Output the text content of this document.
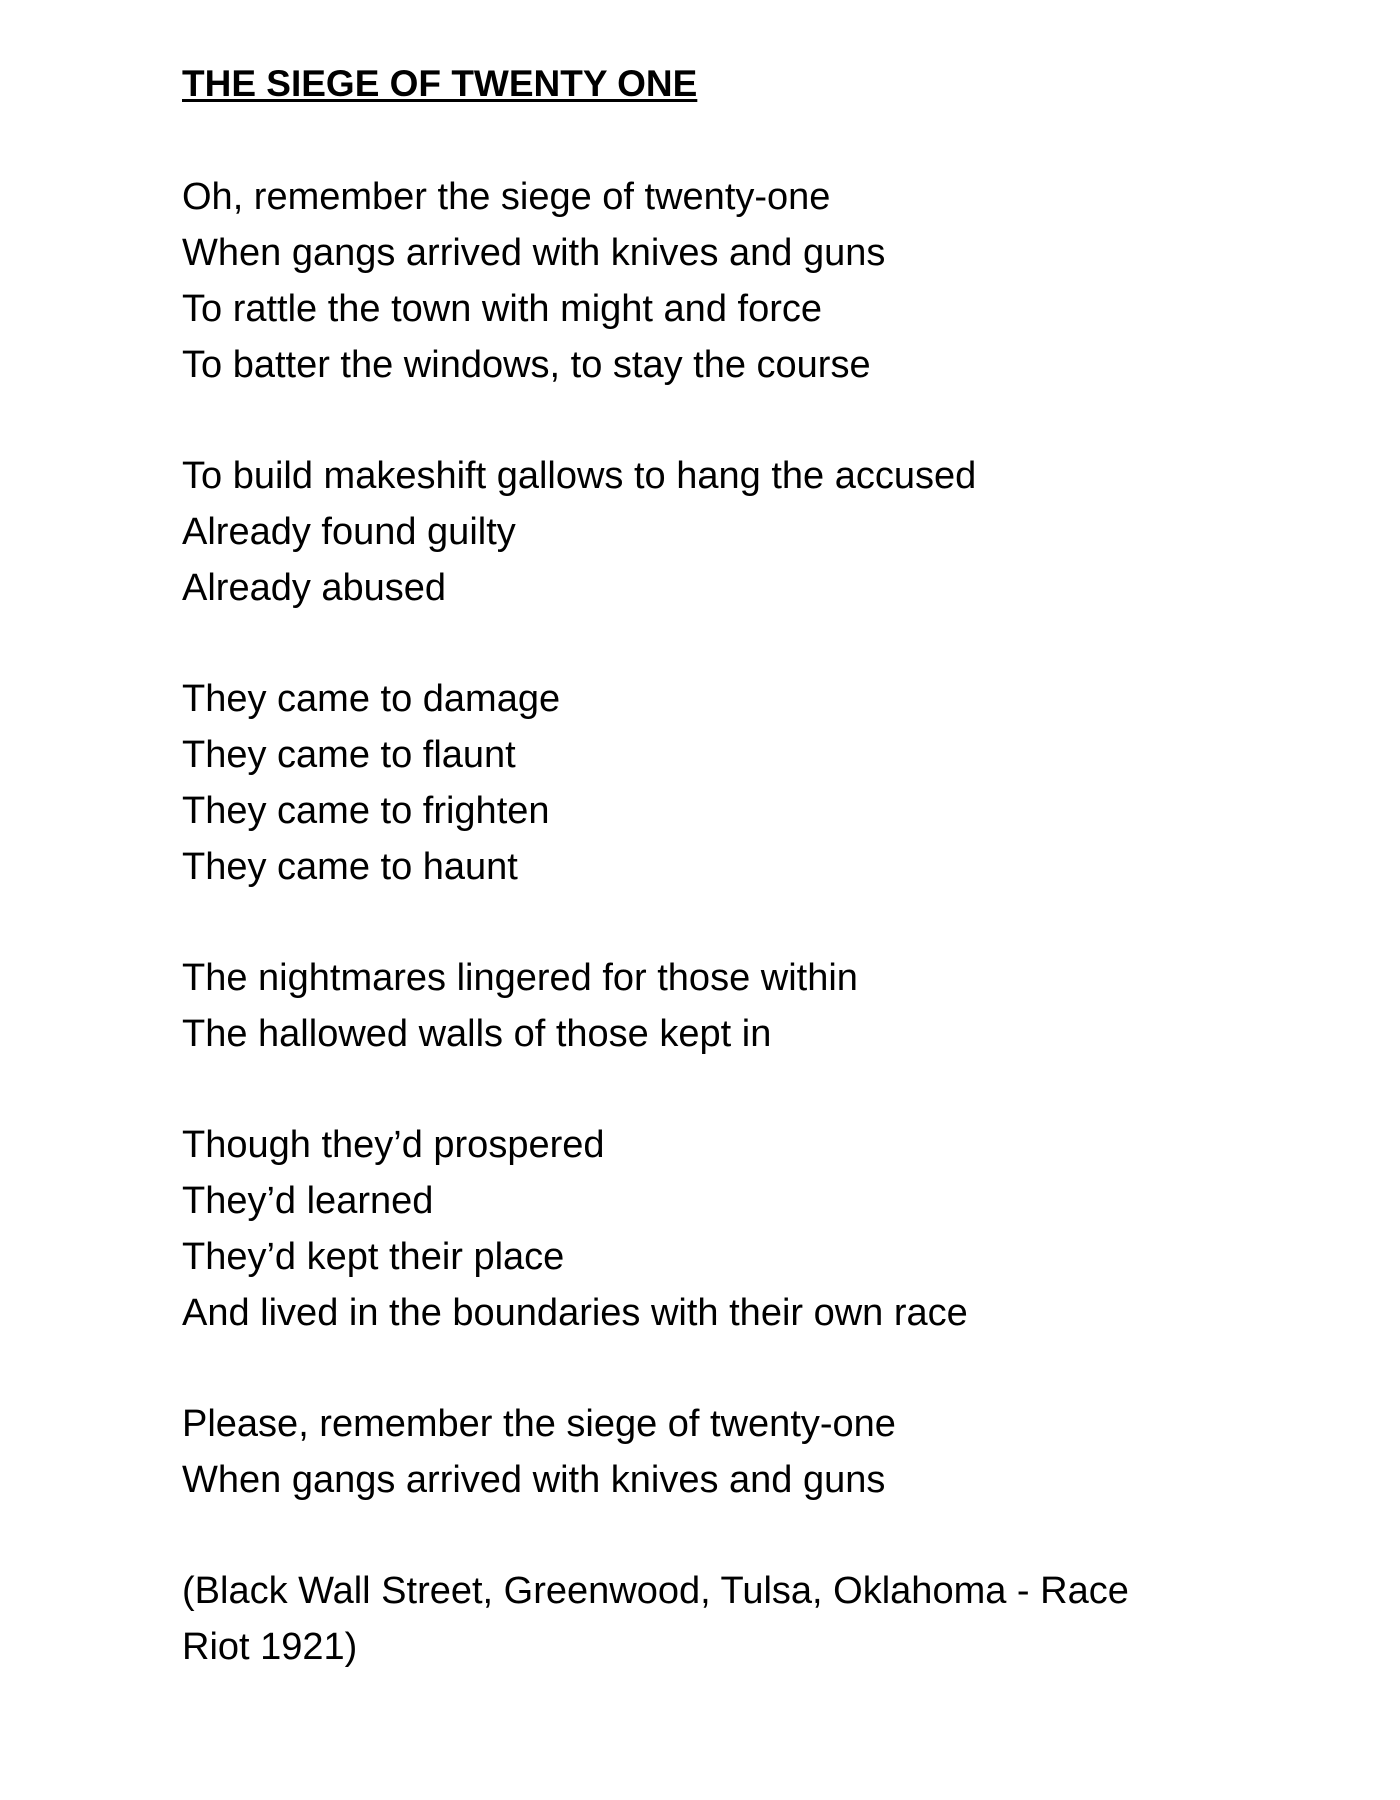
THE SIEGE OF TWENTY ONE
Oh, remember the siege of twenty-one
When gangs arrived with knives and guns
To rattle the town with might and force
To batter the windows, to stay the course
To build makeshift gallows to hang the accused
Already found guilty
Already abused
They came to damage
They came to flaunt
They came to frighten
They came to haunt
The nightmares lingered for those within
The hallowed walls of those kept in
Though they’d prospered
They’d learned
They’d kept their place
And lived in the boundaries with their own race
Please, remember the siege of twenty-one
When gangs arrived with knives and guns
(Black Wall Street, Greenwood, Tulsa, Oklahoma - Race Riot 1921)
